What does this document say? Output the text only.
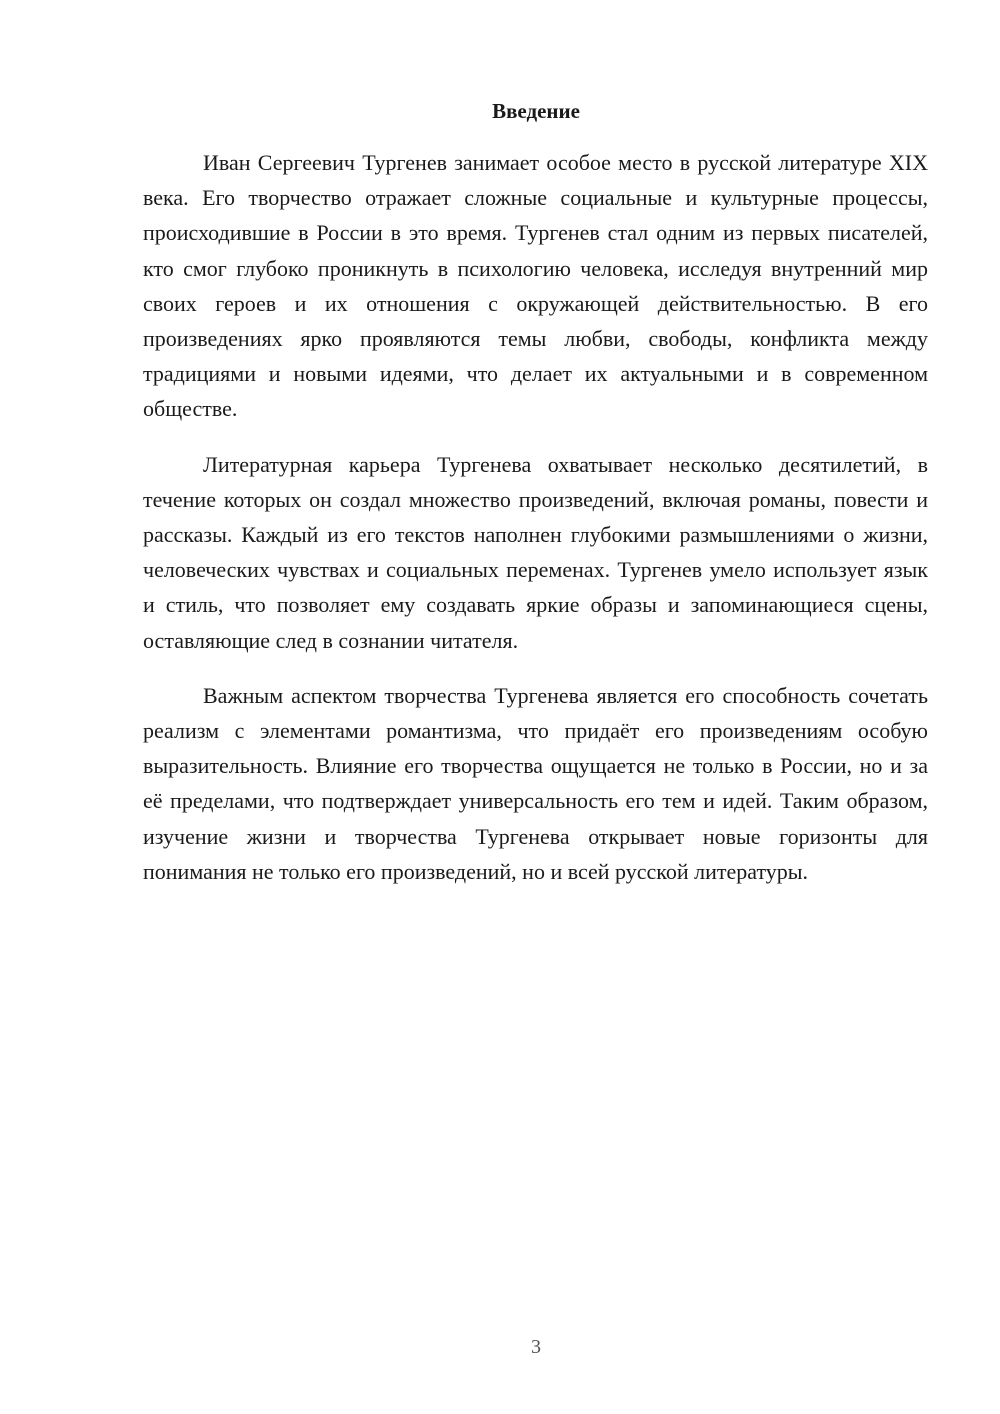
Введение

Иван Сергеевич Тургенев занимает особое место в русской литературе XIX века. Его творчество отражает сложные социальные и культурные процессы, происходившие в России в это время. Тургенев стал одним из первых писателей, кто смог глубоко проникнуть в психологию человека, исследуя внутренний мир своих героев и их отношения с окружающей действительностью. В его произведениях ярко проявляются темы любви, свободы, конфликта между традициями и новыми идеями, что делает их актуальными и в современном обществе.

Литературная карьера Тургенева охватывает несколько десятилетий, в течение которых он создал множество произведений, включая романы, повести и рассказы. Каждый из его текстов наполнен глубокими размышлениями о жизни, человеческих чувствах и социальных переменах. Тургенев умело использует язык и стиль, что позволяет ему создавать яркие образы и запоминающиеся сцены, оставляющие след в сознании читателя.

Важным аспектом творчества Тургенева является его способность сочетать реализм с элементами романтизма, что придаёт его произведениям особую выразительность. Влияние его творчества ощущается не только в России, но и за её пределами, что подтверждает универсальность его тем и идей. Таким образом, изучение жизни и творчества Тургенева открывает новые горизонты для понимания не только его произведений, но и всей русской литературы.

3
